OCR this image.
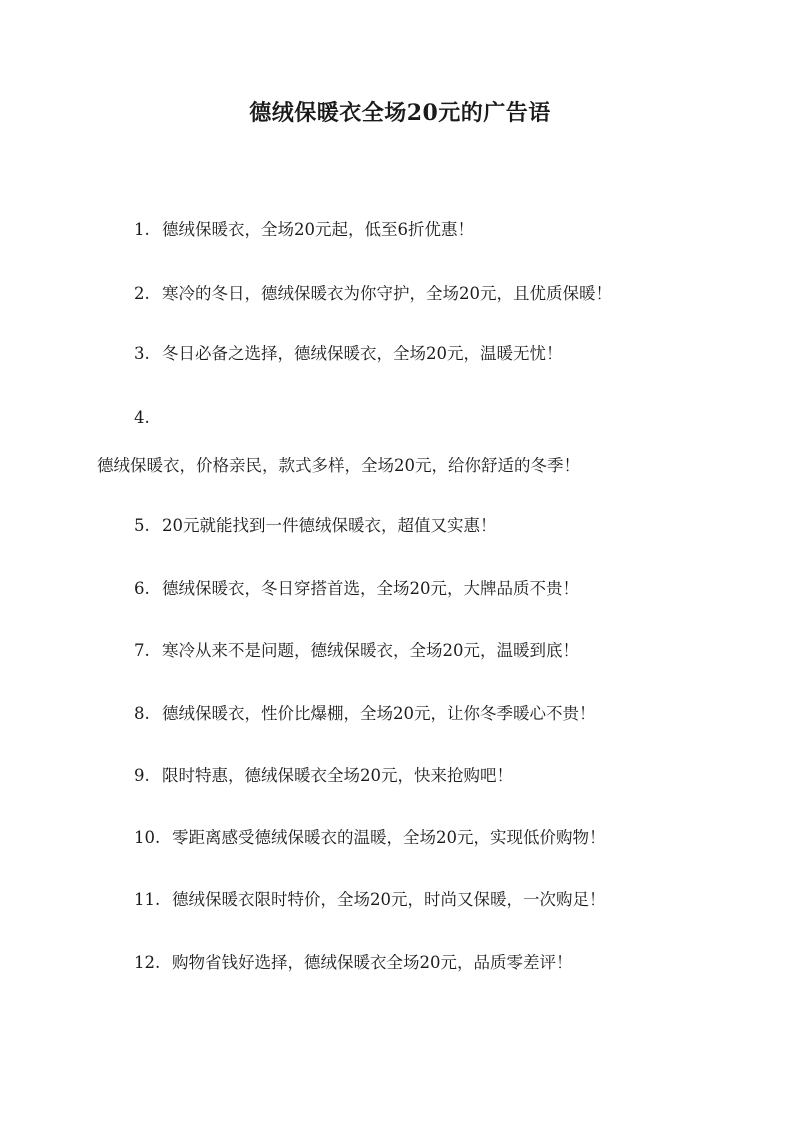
德绒保暖衣全场20元的广告语
1. 德绒保暖衣，全场20元起，低至6折优惠！
2. 寒冷的冬日，德绒保暖衣为你守护，全场20元，且优质保暖！
3. 冬日必备之选择，德绒保暖衣，全场20元，温暖无忧！
4.
德绒保暖衣，价格亲民，款式多样，全场20元，给你舒适的冬季！
5. 20元就能找到一件德绒保暖衣，超值又实惠！
6. 德绒保暖衣，冬日穿搭首选，全场20元，大牌品质不贵！
7. 寒冷从来不是问题，德绒保暖衣，全场20元，温暖到底！
8. 德绒保暖衣，性价比爆棚，全场20元，让你冬季暖心不贵！
9. 限时特惠，德绒保暖衣全场20元，快来抢购吧！
10. 零距离感受德绒保暖衣的温暖，全场20元，实现低价购物！
11. 德绒保暖衣限时特价，全场20元，时尚又保暖，一次购足！
12. 购物省钱好选择，德绒保暖衣全场20元，品质零差评！
